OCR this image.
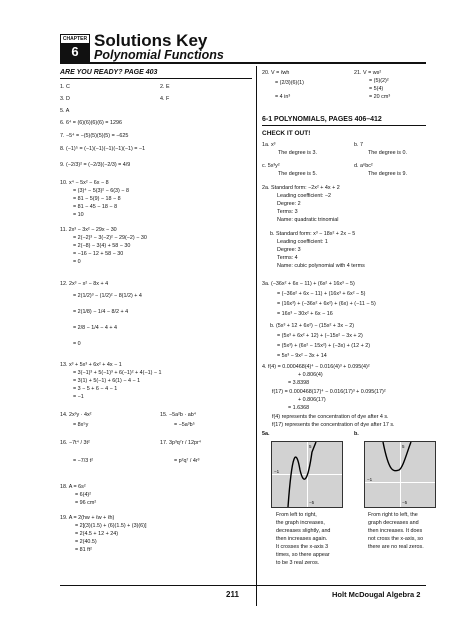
CHAPTER
6
Solutions Key
Polynomial Functions
ARE YOU READY? PAGE 403
1. C	2. E
3. D	4. F
5. A
6. 6⁴ = (6)(6)(6)(6) = 1296
7. −5⁴ = −(5)(5)(5)(5) = −625
8. (−1)⁵ = (−1)(−1)(−1)(−1)(−1) = −1
9. (−2/3)² = (−2/3)(−2/3) = 4/9
10. x⁴ − 5x² − 6x − 8
= (3)⁴ − 5(3)² − 6(3) − 8
= 81 − 5(9) − 18 − 8
= 81 − 45 − 18 − 8
= 10
11. 2x³ − 3x² − 29x − 30
= 2(−2)³ − 3(−2)² − 29(−2) − 30
= 2(−8) − 3(4) + 58 − 30
= −16 − 12 + 58 − 30
= 0
12. 2x³ − x² − 8x + 4
= 2(1/2)³ − (1/2)² − 8(1/2) + 4
= 2(1/8) − 1/4 − 8/2 + 4
= 2/8 − 1/4 − 4 + 4
= 0
13. x³ + 5x³ + 6x² + 4x − 1
= 3(−1)³ + 5(−1)³ + 6(−1)² + 4(−1) − 1
= 3(1) + 5(−1) + 6(1) − 4 − 1
= 3 − 5 + 6 − 4 − 1
= −1
14. 2x³y · 4x²	15. −5a²b · ab⁴
= 8x⁵y	= −5a³b⁵
16. −7t⁴ / 3t²	17. 3p³q⁷r / 12pr⁴
= −7/3 t²	= p²q⁷ / 4r³
18. A = 6s²
= 6(4)²
= 96 cm²
19. A = 2(hw + ℓw + ℓh)
= 2[(3)(1.5) + (6)(1.5) + (3)(6)]
= 2(4.5 + 12 + 24)
= 2(40.5)
= 81 ft²
20. V = ℓwh
= (2/3)(6)(1)
= 4 in³
21. V = ws²
= (5)(2)²
= 5(4)
= 20 cm³
6-1 POLYNOMIALS, PAGES 406–412
CHECK IT OUT!
1a. x³
The degree is 3.
b. 7
The degree is 0.
c. 5x³y²
The degree is 5.
d. a⁶bc²
The degree is 9.
2a. Standard form: −2x² + 4x + 2
Leading coefficient: −2
Degree: 2
Terms: 3
Name: quadratic trinomial
b. Standard form: x³ − 18x² + 2x − 5
Leading coefficient: 1
Degree: 3
Terms: 4
Name: cubic polynomial with 4 terms
3a. (−36x² + 6x − 11) + (6x² + 16x³ − 5)
= (−36x² + 6x − 11) + (16x³ + 6x² − 5)
= (16x³) + (−36x² + 6x²) + (6x) + (−11 − 5)
= 16x³ − 30x² + 6x − 16
b. (5x³ + 12 + 6x²) − (15x² + 3x − 2)
= (5x³ + 6x² + 12) + (−15x² − 3x + 2)
= (5x³) + (6x² − 15x²) + (−3x) + (12 + 2)
= 5x³ − 9x² − 3x + 14
4. f(4) = 0.000468(4)⁴ − 0.016(4)³ + 0.095(4)²
+ 0.806(4)
= 3.8398
f(17) = 0.000468(17)⁴ − 0.016(17)³ + 0.095(17)²
+ 0.806(17)
= 1.6368
f(4) represents the concentration of dye after 4 s.
f(17) represents the concentration of dye after 17 s.
5a.	b.
5
−1
−5
−1
5
−5
From left to right,
the graph increases,
decreases slightly, and
then increases again.
It crosses the x-axis 3
times, so there appear
to be 3 real zeros.
From right to left, the
graph decreases and
then increases. It does
not cross the x-axis, so
there are no real zeros.
211	Holt McDougal Algebra 2
